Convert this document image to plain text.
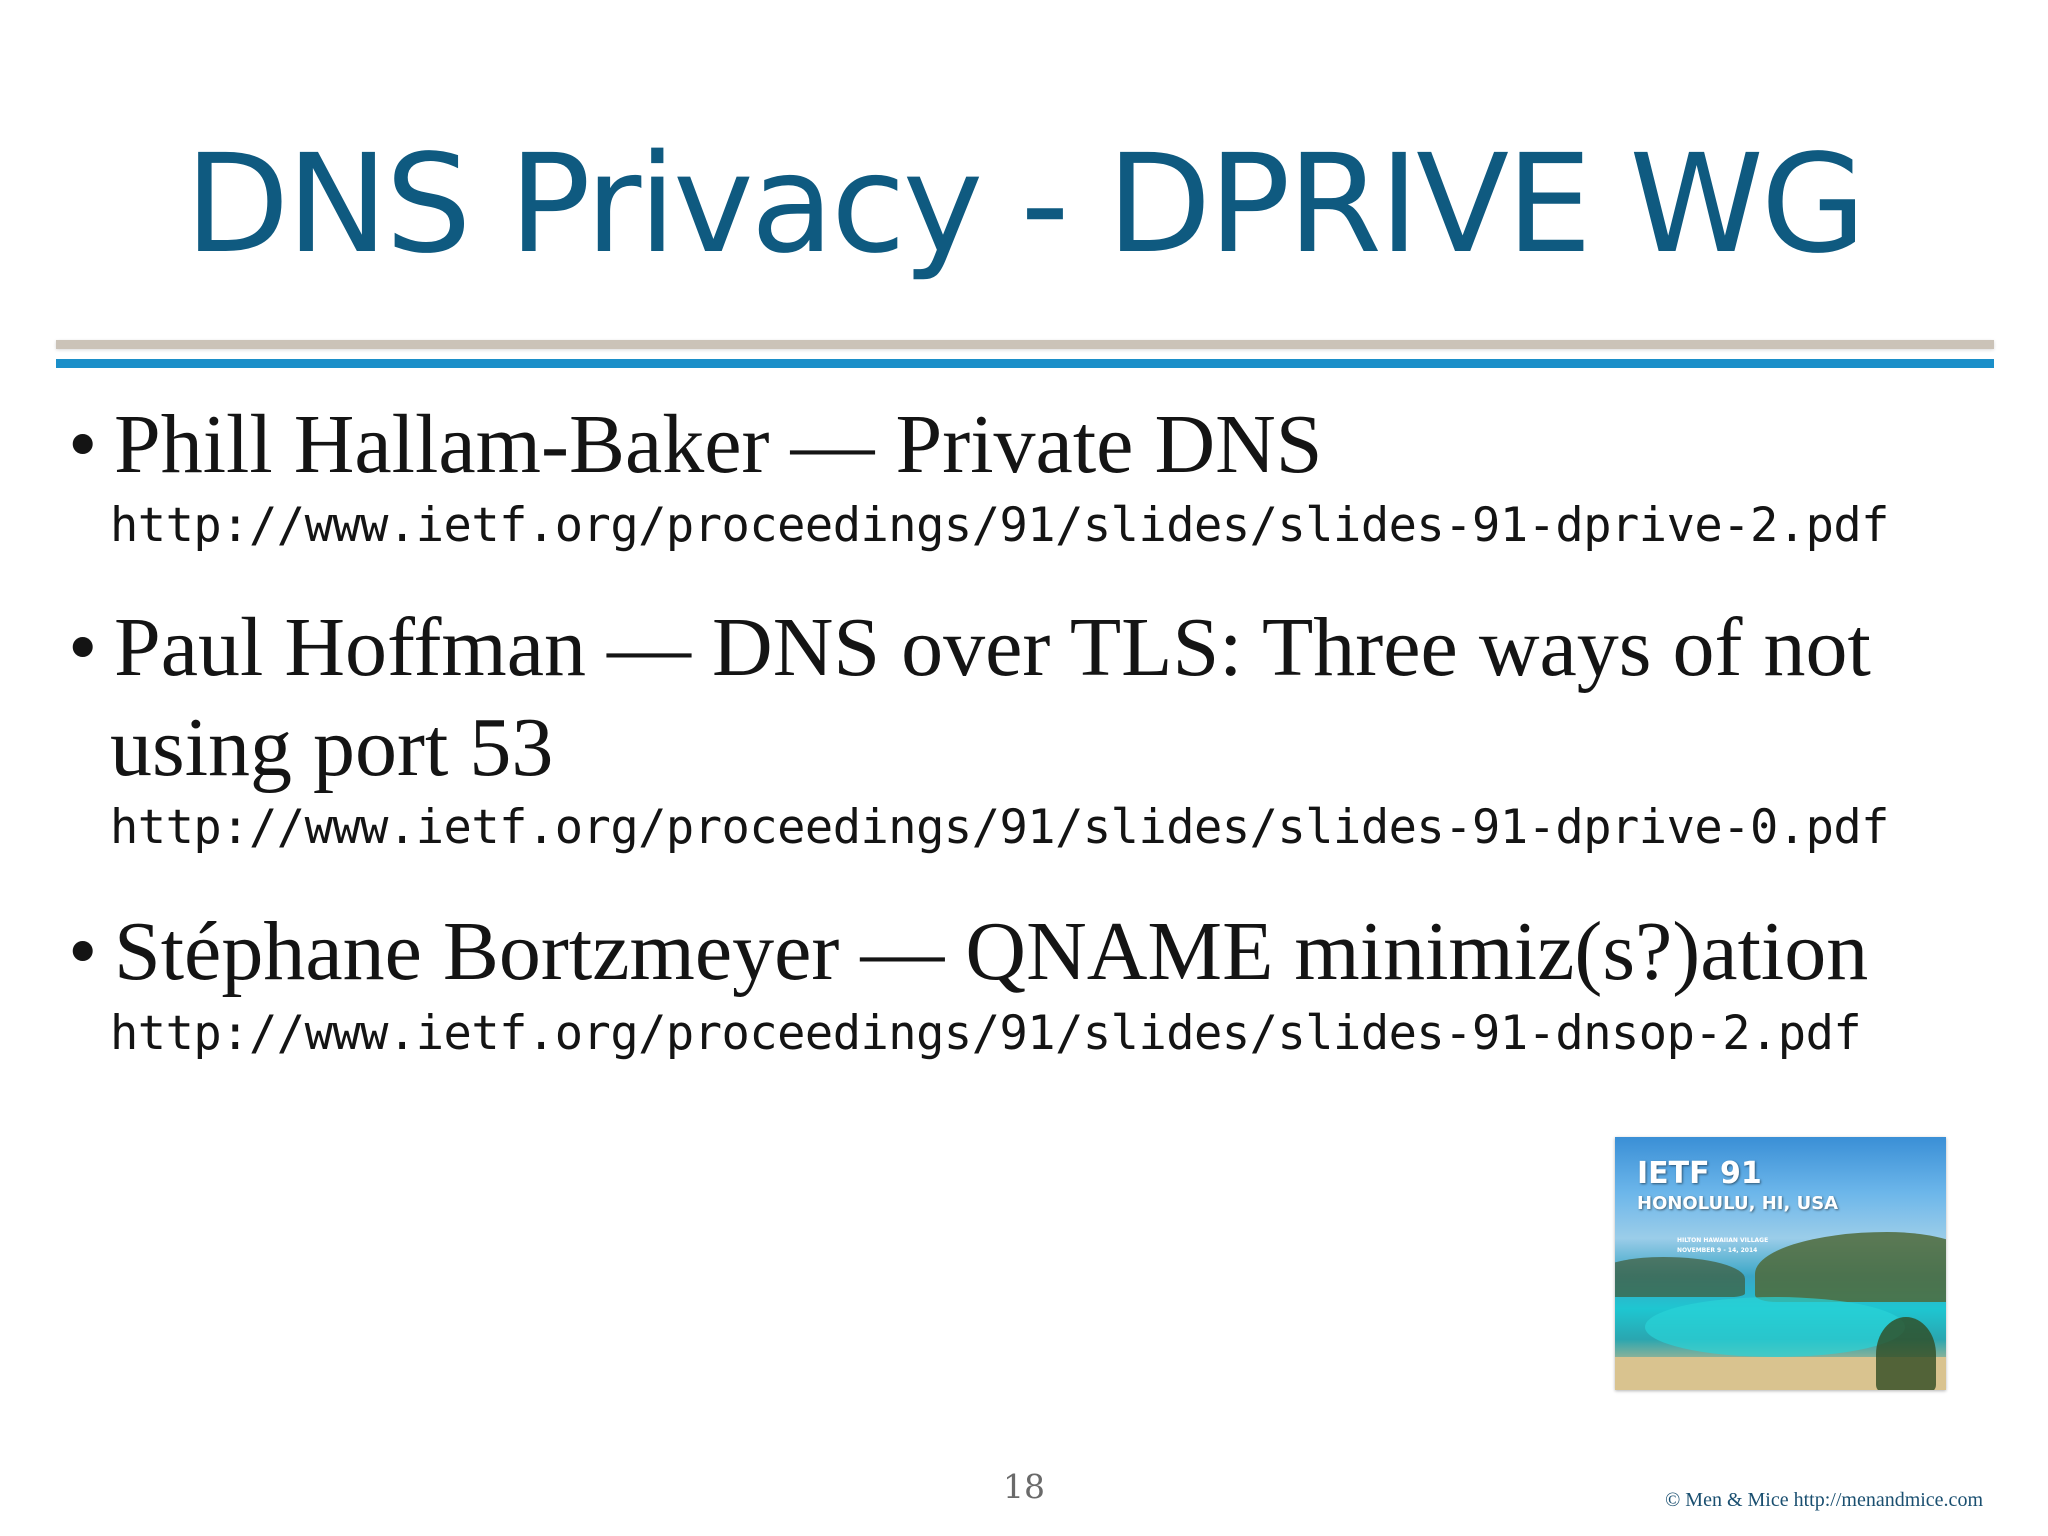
DNS Privacy - DPRIVE WG
• Phill Hallam-Baker — Private DNS
http://www.ietf.org/proceedings/91/slides/slides-91-dprive-2.pdf
• Paul Hoffman — DNS over TLS: Three ways of not
using port 53
http://www.ietf.org/proceedings/91/slides/slides-91-dprive-0.pdf
• Stéphane Bortzmeyer — QNAME minimiz(s?)ation
http://www.ietf.org/proceedings/91/slides/slides-91-dnsop-2.pdf
IETF 91
HONOLULU, HI, USA
HILTON HAWAIIAN VILLAGE
NOVEMBER 9 - 14, 2014
18	© Men & Mice http://menandmice.com
